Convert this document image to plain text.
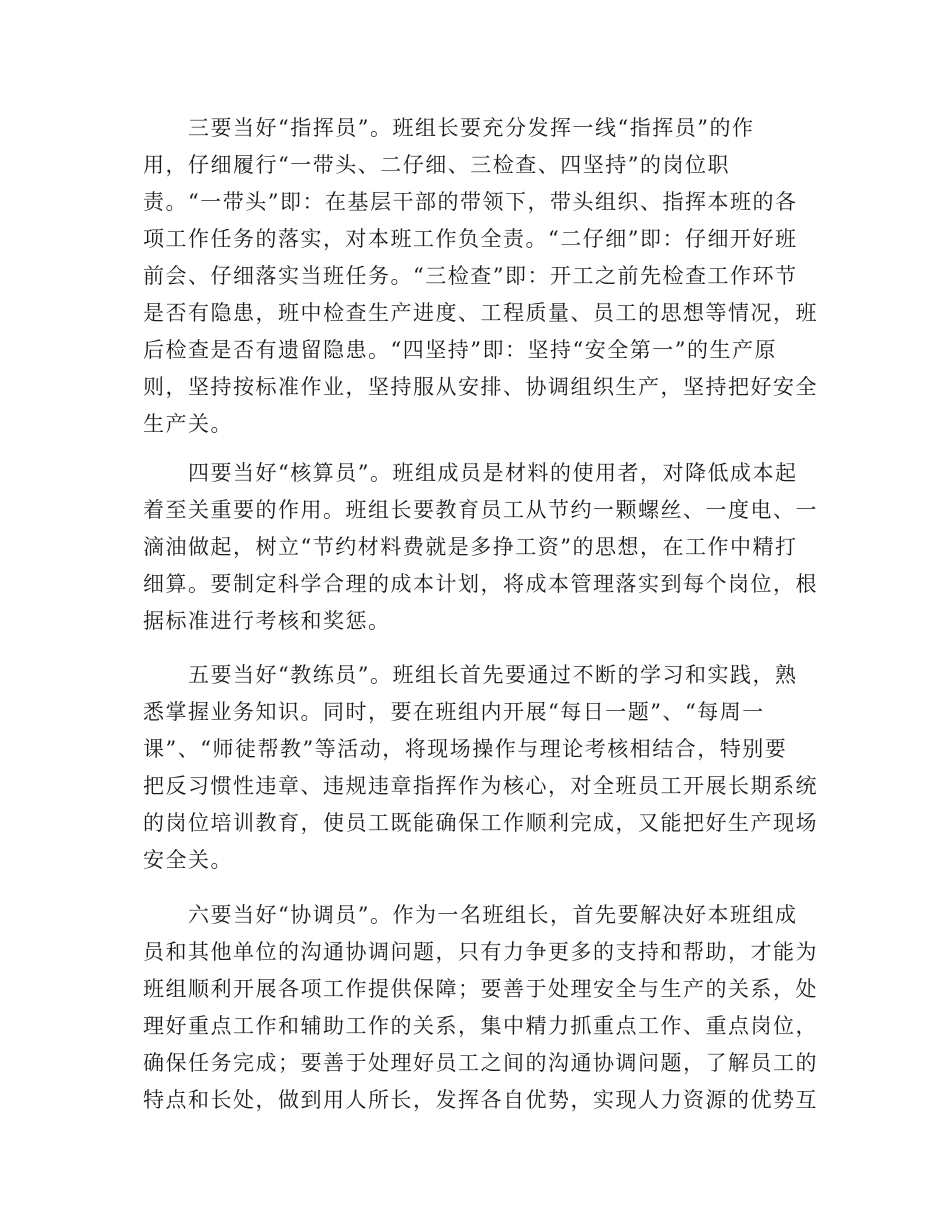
　　三要当好“指挥员”。班组长要充分发挥一线“指挥员”的作
用，仔细履行“一带头、二仔细、三检查、四坚持”的岗位职
责。“一带头”即：在基层干部的带领下，带头组织、指挥本班的各
项工作任务的落实，对本班工作负全责。“二仔细”即：仔细开好班
前会、仔细落实当班任务。“三检查”即：开工之前先检查工作环节
是否有隐患，班中检查生产进度、工程质量、员工的思想等情况，班
后检查是否有遗留隐患。“四坚持”即：坚持“安全第一”的生产原
则，坚持按标准作业，坚持服从安排、协调组织生产，坚持把好安全
生产关。
　　四要当好“核算员”。班组成员是材料的使用者，对降低成本起
着至关重要的作用。班组长要教育员工从节约一颗螺丝、一度电、一
滴油做起，树立“节约材料费就是多挣工资”的思想，在工作中精打
细算。要制定科学合理的成本计划，将成本管理落实到每个岗位，根
据标准进行考核和奖惩。
　　五要当好“教练员”。班组长首先要通过不断的学习和实践，熟
悉掌握业务知识。同时，要在班组内开展“每日一题”、“每周一
课”、“师徒帮教”等活动，将现场操作与理论考核相结合，特别要
把反习惯性违章、违规违章指挥作为核心，对全班员工开展长期系统
的岗位培训教育，使员工既能确保工作顺利完成，又能把好生产现场
安全关。
　　六要当好“协调员”。作为一名班组长，首先要解决好本班组成
员和其他单位的沟通协调问题，只有力争更多的支持和帮助，才能为
班组顺利开展各项工作提供保障；要善于处理安全与生产的关系，处
理好重点工作和辅助工作的关系，集中精力抓重点工作、重点岗位，
确保任务完成；要善于处理好员工之间的沟通协调问题，了解员工的
特点和长处，做到用人所长，发挥各自优势，实现人力资源的优势互
